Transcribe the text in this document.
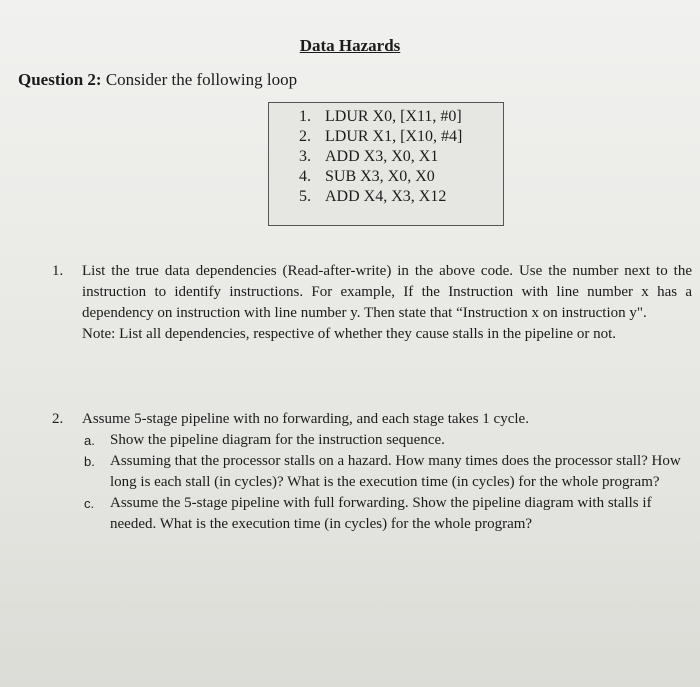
Data Hazards
Question 2: Consider the following loop
1. LDUR X0, [X11, #0]
2. LDUR X1, [X10, #4]
3. ADD X3, X0, X1
4. SUB X3, X0, X0
5. ADD X4, X3, X12
1. List the true data dependencies (Read-after-write) in the above code. Use the number next to the instruction to identify instructions. For example, If the Instruction with line number x has a dependency on instruction with line number y. Then state that “Instruction x on instruction y".
Note: List all dependencies, respective of whether they cause stalls in the pipeline or not.
2. Assume 5-stage pipeline with no forwarding, and each stage takes 1 cycle.
a. Show the pipeline diagram for the instruction sequence.
b. Assuming that the processor stalls on a hazard. How many times does the processor stall? How long is each stall (in cycles)? What is the execution time (in cycles) for the whole program?
c. Assume the 5-stage pipeline with full forwarding. Show the pipeline diagram with stalls if needed. What is the execution time (in cycles) for the whole program?
